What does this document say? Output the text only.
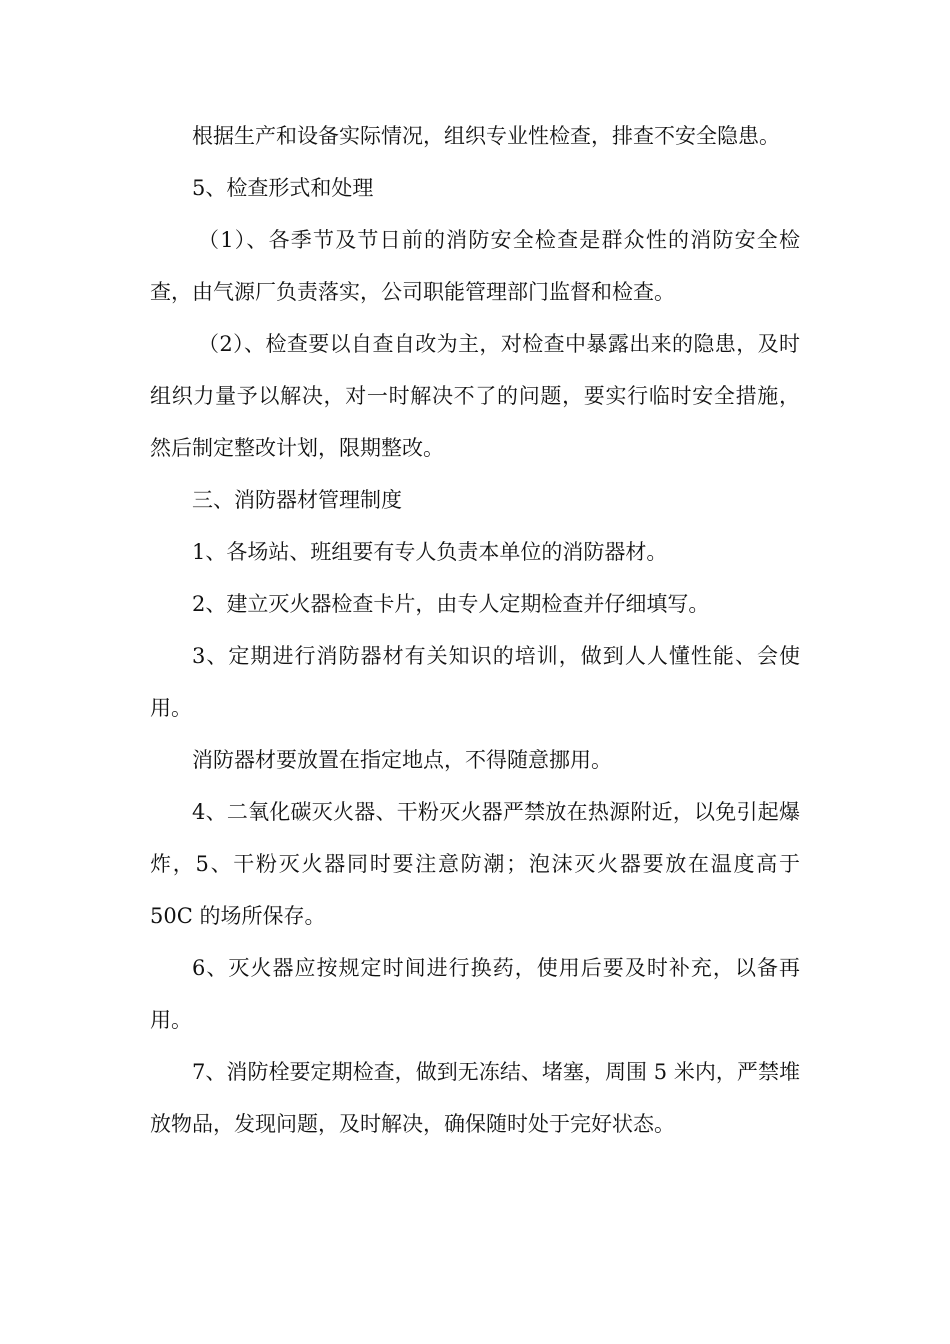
根据生产和设备实际情况，组织专业性检查，排查不安全隐患。

5、检查形式和处理

（1）、各季节及节日前的消防安全检查是群众性的消防安全检查，由气源厂负责落实，公司职能管理部门监督和检查。

（2）、检查要以自查自改为主，对检查中暴露出来的隐患，及时组织力量予以解决，对一时解决不了的问题，要实行临时安全措施，然后制定整改计划，限期整改。

三、消防器材管理制度

1、各场站、班组要有专人负责本单位的消防器材。

2、建立灭火器检查卡片，由专人定期检查并仔细填写。

3、定期进行消防器材有关知识的培训，做到人人懂性能、会使用。

消防器材要放置在指定地点，不得随意挪用。

4、二氧化碳灭火器、干粉灭火器严禁放在热源附近，以免引起爆炸，5、干粉灭火器同时要注意防潮；泡沫灭火器要放在温度高于 50C 的场所保存。

6、灭火器应按规定时间进行换药，使用后要及时补充，以备再用。

7、消防栓要定期检查，做到无冻结、堵塞，周围 5 米内，严禁堆放物品，发现问题，及时解决，确保随时处于完好状态。
